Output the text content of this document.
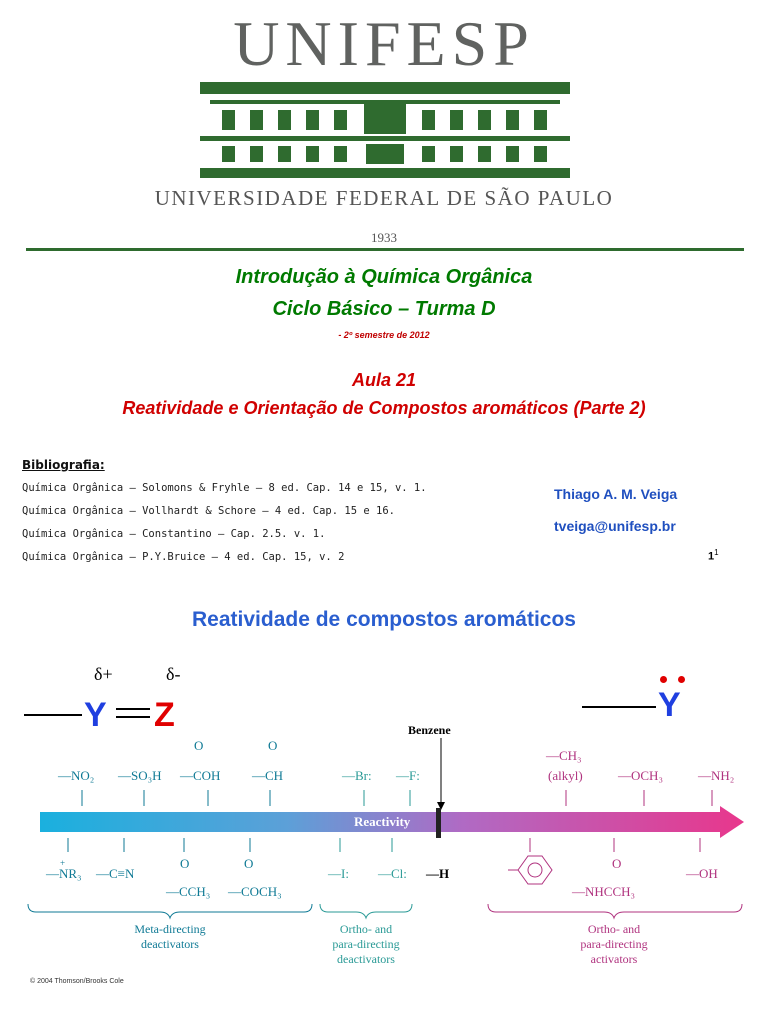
UNIFESP
UNIVERSIDADE FEDERAL DE SÃO PAULO
1933
Introdução à Química Orgânica
Ciclo Básico – Turma D
- 2º semestre de 2012
Aula 21
Reatividade e Orientação de Compostos aromáticos (Parte 2)
Bibliografia:
Química Orgânica – Solomons & Fryhle – 8 ed. Cap. 14 e 15, v. 1.
Química Orgânica – Vollhardt & Schore – 4 ed. Cap. 15 e 16.
Química Orgânica – Constantino – Cap. 2.5. v. 1.
Química Orgânica – P.Y.Bruice – 4 ed. Cap. 15, v. 2
Thiago A. M. Veiga
tveiga@unifesp.br
$1^1$
Reatividade de compostos aromáticos
δ+	δ-
Y Z	Y
Benzene
Reactivity
O	O
—NO₂ —SO₃H —COH —CH	—Br: —F:
—CH₃
(alkyl)	—OCH₃	—NH₂
+
—NR₃ —C≡N
O
—CCH₃
O
—COCH₃
—I: —Cl: —H
O
—NHCCH₃
—OH
Meta-directing
deactivators
Ortho- and
para-directing
deactivators
Ortho- and
para-directing
activators
© 2004 Thomson/Brooks Cole
